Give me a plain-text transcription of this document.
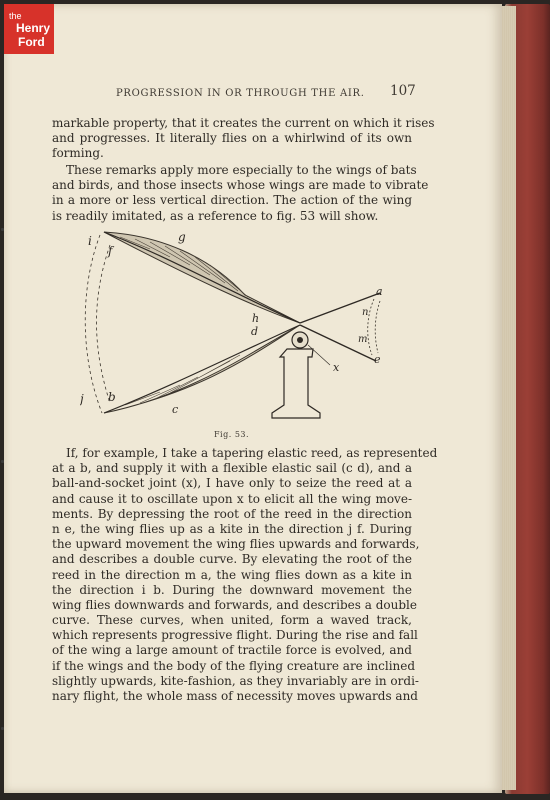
the
Henry
Ford
PROGRESSION IN OR THROUGH THE AIR. 107
markable property, that it creates the current on which it rises
and progresses. It literally flies on a whirlwind of its own
forming.
These remarks apply more especially to the wings of bats
and birds, and those insects whose wings are made to vibrate
in a more or less vertical direction. The action of the wing
is readily imitated, as a reference to fig. 53 will show.
i
f
g
a
n
m
e
h
d
x
j b
c
Fig. 53.
If, for example, I take a tapering elastic reed, as represented
at a b, and supply it with a flexible elastic sail (c d), and a
ball-and-socket joint (x), I have only to seize the reed at a
and cause it to oscillate upon x to elicit all the wing move-
ments. By depressing the root of the reed in the direction
n e, the wing flies up as a kite in the direction j f. During
the upward movement the wing flies upwards and forwards,
and describes a double curve. By elevating the root of the
reed in the direction m a, the wing flies down as a kite in
the direction i b. During the downward movement the
wing flies downwards and forwards, and describes a double
curve. These curves, when united, form a waved track,
which represents progressive flight. During the rise and fall
of the wing a large amount of tractile force is evolved, and
if the wings and the body of the flying creature are inclined
slightly upwards, kite-fashion, as they invariably are in ordi-
nary flight, the whole mass of necessity moves upwards and
